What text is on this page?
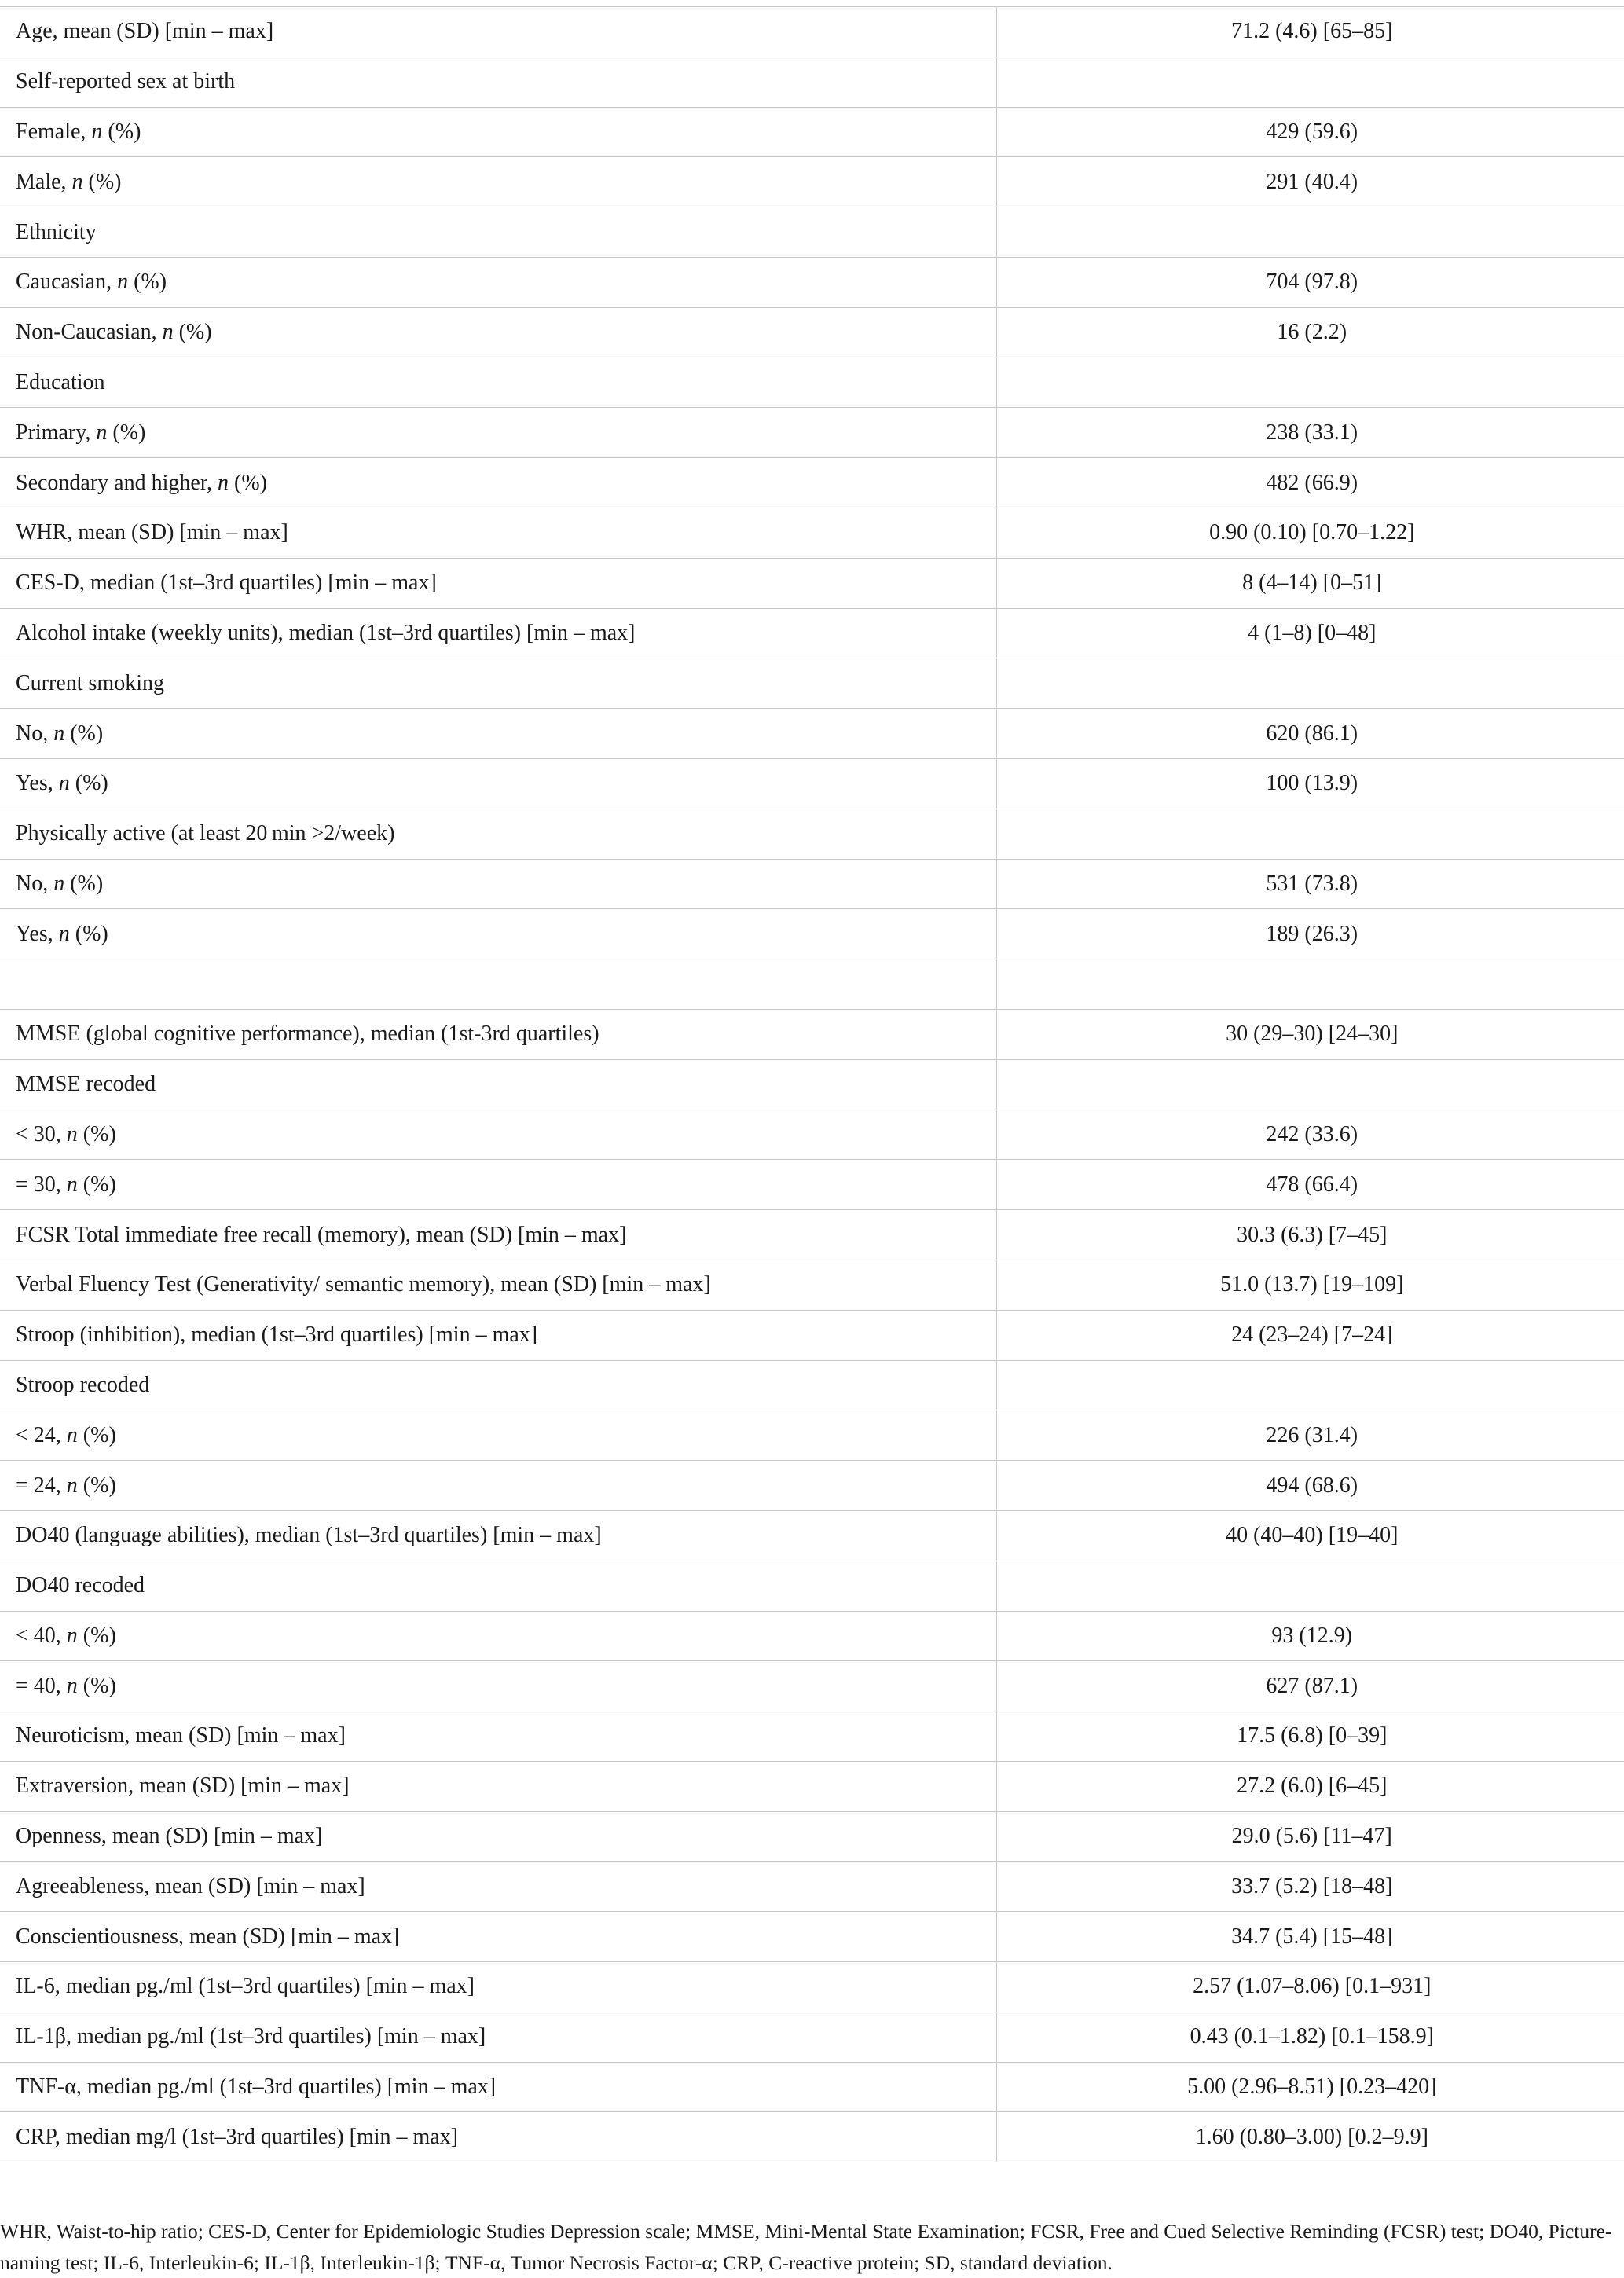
Age, mean (SD) [min – max]	71.2 (4.6) [65–85]
Self-reported sex at birth	
Female, n (%)	429 (59.6)
Male, n (%)	291 (40.4)
Ethnicity	
Caucasian, n (%)	704 (97.8)
Non-Caucasian, n (%)	16 (2.2)
Education	
Primary, n (%)	238 (33.1)
Secondary and higher, n (%)	482 (66.9)
WHR, mean (SD) [min – max]	0.90 (0.10) [0.70–1.22]
CES-D, median (1st–3rd quartiles) [min – max]	8 (4–14) [0–51]
Alcohol intake (weekly units), median (1st–3rd quartiles) [min – max]	4 (1–8) [0–48]
Current smoking	
No, n (%)	620 (86.1)
Yes, n (%)	100 (13.9)
Physically active (at least 20 min >2/week)	
No, n (%)	531 (73.8)
Yes, n (%)	189 (26.3)

MMSE (global cognitive performance), median (1st-3rd quartiles)	30 (29–30) [24–30]
MMSE recoded	
< 30, n (%)	242 (33.6)
= 30, n (%)	478 (66.4)
FCSR Total immediate free recall (memory), mean (SD) [min – max]	30.3 (6.3) [7–45]
Verbal Fluency Test (Generativity/ semantic memory), mean (SD) [min – max]	51.0 (13.7) [19–109]
Stroop (inhibition), median (1st–3rd quartiles) [min – max]	24 (23–24) [7–24]
Stroop recoded	
< 24, n (%)	226 (31.4)
= 24, n (%)	494 (68.6)
DO40 (language abilities), median (1st–3rd quartiles) [min – max]	40 (40–40) [19–40]
DO40 recoded	
< 40, n (%)	93 (12.9)
= 40, n (%)	627 (87.1)
Neuroticism, mean (SD) [min – max]	17.5 (6.8) [0–39]
Extraversion, mean (SD) [min – max]	27.2 (6.0) [6–45]
Openness, mean (SD) [min – max]	29.0 (5.6) [11–47]
Agreeableness, mean (SD) [min – max]	33.7 (5.2) [18–48]
Conscientiousness, mean (SD) [min – max]	34.7 (5.4) [15–48]
IL-6, median pg./ml (1st–3rd quartiles) [min – max]	2.57 (1.07–8.06) [0.1–931]
IL-1β, median pg./ml (1st–3rd quartiles) [min – max]	0.43 (0.1–1.82) [0.1–158.9]
TNF-α, median pg./ml (1st–3rd quartiles) [min – max]	5.00 (2.96–8.51) [0.23–420]
CRP, median mg/l (1st–3rd quartiles) [min – max]	1.60 (0.80–3.00) [0.2–9.9]

WHR, Waist-to-hip ratio; CES-D, Center for Epidemiologic Studies Depression scale; MMSE, Mini-Mental State Examination; FCSR, Free and Cued Selective Reminding (FCSR) test; DO40, Picture-naming test; IL-6, Interleukin-6; IL-1β, Interleukin-1β; TNF-α, Tumor Necrosis Factor-α; CRP, C-reactive protein; SD, standard deviation.
